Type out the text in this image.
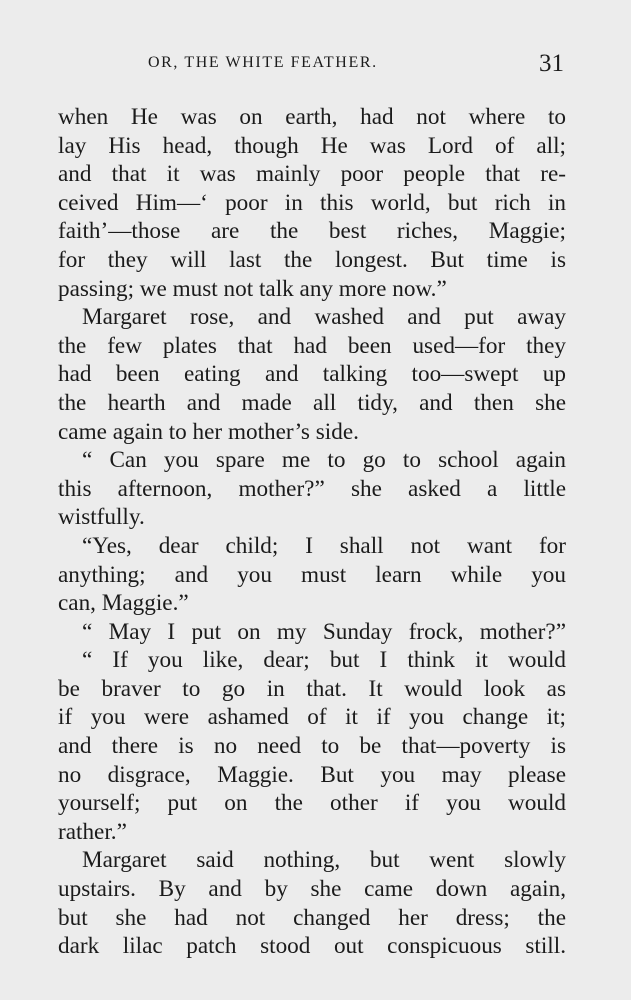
OR, THE WHITE FEATHER.	31
when He was on earth, had not where to
lay His head, though He was Lord of all;
and that it was mainly poor people that re-
ceived Him—‘ poor in this world, but rich in
faith’—those are the best riches, Maggie;
for they will last the longest. But time is
passing; we must not talk any more now.”
Margaret rose, and washed and put away
the few plates that had been used—for they
had been eating and talking too—swept up
the hearth and made all tidy, and then she
came again to her mother’s side.
“ Can you spare me to go to school again
this afternoon, mother?” she asked a little
wistfully.
“Yes, dear child; I shall not want for
anything; and you must learn while you
can, Maggie.”
“ May I put on my Sunday frock, mother?”
“ If you like, dear; but I think it would
be braver to go in that. It would look as
if you were ashamed of it if you change it;
and there is no need to be that—poverty is
no disgrace, Maggie. But you may please
yourself; put on the other if you would
rather.”
Margaret said nothing, but went slowly
upstairs. By and by she came down again,
but she had not changed her dress; the
dark lilac patch stood out conspicuous still.
